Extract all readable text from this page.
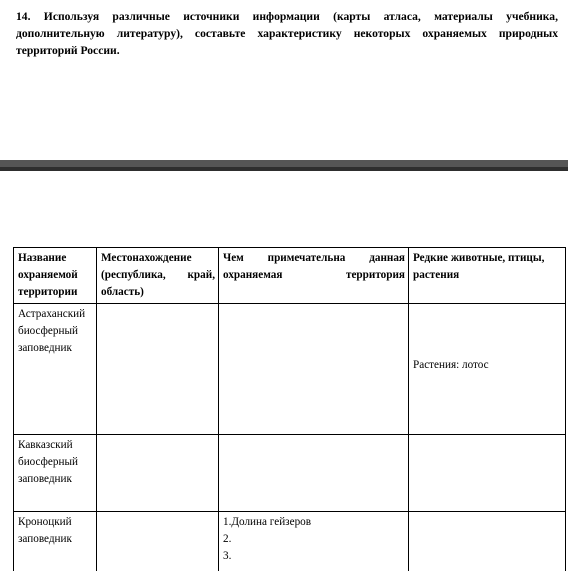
14. Используя различные источники информации (карты атласа, материалы учебника, дополнительную литературу), составьте характеристику некоторых охраняемых природных территорий России.
Название охраняемой территории	Местонахождение (республика, край, область)	Чем примечательна данная охраняемая территория	Редкие животные, птицы, растения
Астраханский биосферный заповедник			Растения: лотос

Кавказский биосферный заповедник			
Кроноцкий заповедник		1.Долина гейзеров
2.
3.	
